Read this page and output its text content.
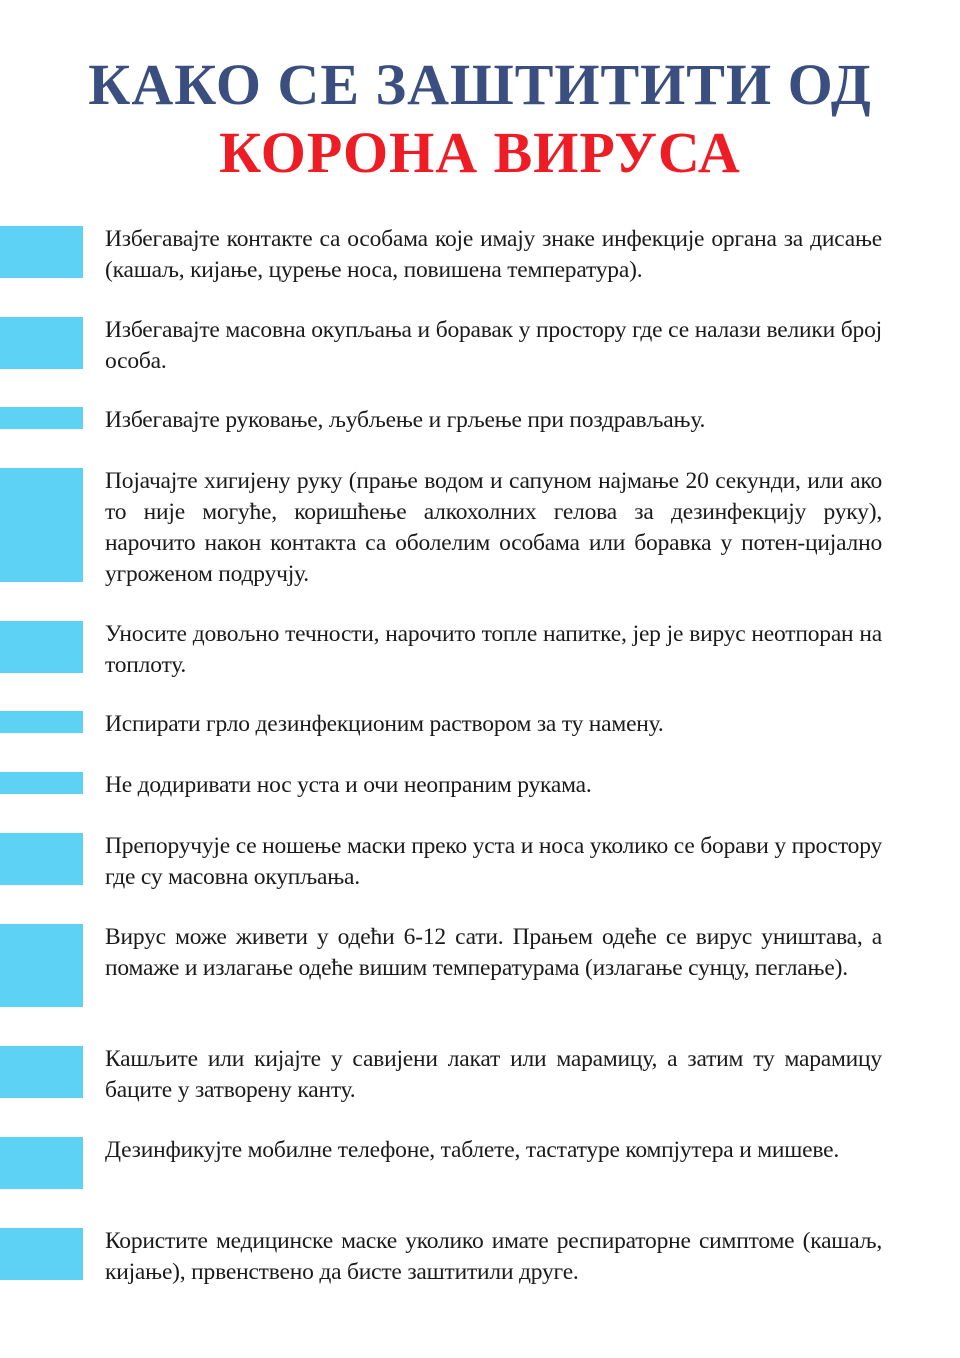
КАКО СЕ ЗАШТИТИТИ ОД
КОРОНА ВИРУСА

Избегавајте контакте са особама које имају знаке инфекције органа за дисање (кашаљ, кијање, цурење носа, повишена температура).

Избегавајте масовна окупљања и боравак у простору где се налази велики број особа.

Избегавајте руковање, љубљење и грљење при поздрављању.

Појачајте хигијену руку (прање водом и сапуном најмање 20 секунди, или ако то није могуће, коришћење алкохолних гелова за дезинфекцију руку), нарочито након контакта са оболелим особама или боравка у потен-цијално угроженом подручју.

Уносите довољно течности, нарочито топле напитке, јер је вирус неотпоран на топлоту.

Испирати грло дезинфекционим раствором за ту намену.

Не додиривати нос уста и очи неопраним рукама.

Препоручује се ношење маски преко уста и носа уколико се борави у простору где су масовна окупљања.

Вирус може живети у одећи 6-12 сати. Прањем одеће се вирус уништава, а помаже и излагање одеће вишим температурама (излагање сунцу, пеглање).

Кашљите или кијајте у савијени лакат или марамицу, а затим ту марамицу баците у затворену канту.

Дезинфикујте мобилне телефоне, таблете, тастатуре компјутера и мишеве.

Користите медицинске маске уколико имате респираторне симптоме (кашаљ, кијање), првенствено да бисте заштитили друге.
